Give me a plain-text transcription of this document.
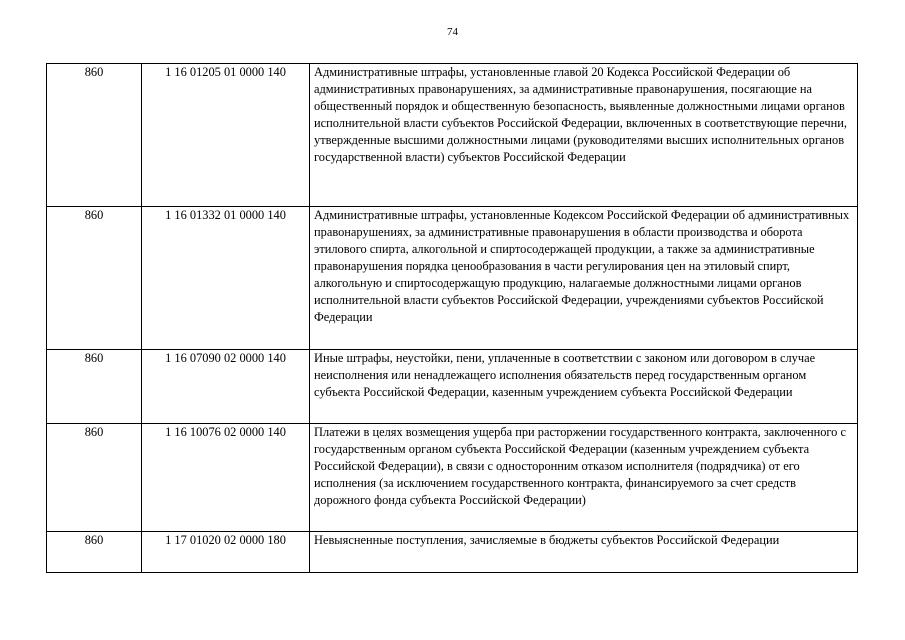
74
860	1 16 01205 01 0000 140	Административные штрафы, установленные главой 20 Кодекса Российской Федерации об административных правонарушениях, за административные правонарушения, посягающие на общественный порядок и общественную безопасность, выявленные должностными лицами органов исполнительной власти субъектов Российской Федерации, включенных в соответствующие перечни, утвержденные высшими должностными лицами (руководителями высших исполнительных органов государственной власти) субъектов Российской Федерации
860	1 16 01332 01 0000 140	Административные штрафы, установленные Кодексом Российской Федерации об административных правонарушениях, за административные правонарушения в области производства и оборота этилового спирта, алкогольной и спиртосодержащей продукции, а также за административные правонарушения порядка ценообразования в части регулирования цен на этиловый спирт, алкогольную и спиртосодержащую продукцию, налагаемые должностными лицами органов исполнительной власти субъектов Российской Федерации, учреждениями субъектов Российской Федерации
860	1 16 07090 02 0000 140	Иные штрафы, неустойки, пени, уплаченные в соответствии с законом или договором в случае неисполнения или ненадлежащего исполнения обязательств перед государственным органом субъекта Российской Федерации, казенным учреждением субъекта Российской Федерации
860	1 16 10076 02 0000 140	Платежи в целях возмещения ущерба при расторжении государственного контракта, заключенного с государственным органом субъекта Российской Федерации (казенным учреждением субъекта Российской Федерации), в связи с односторонним отказом исполнителя (подрядчика) от его исполнения (за исключением государственного контракта, финансируемого за счет средств дорожного фонда субъекта Российской Федерации)
860	1 17 01020 02 0000 180	Невыясненные поступления, зачисляемые в бюджеты субъектов Российской Федерации
